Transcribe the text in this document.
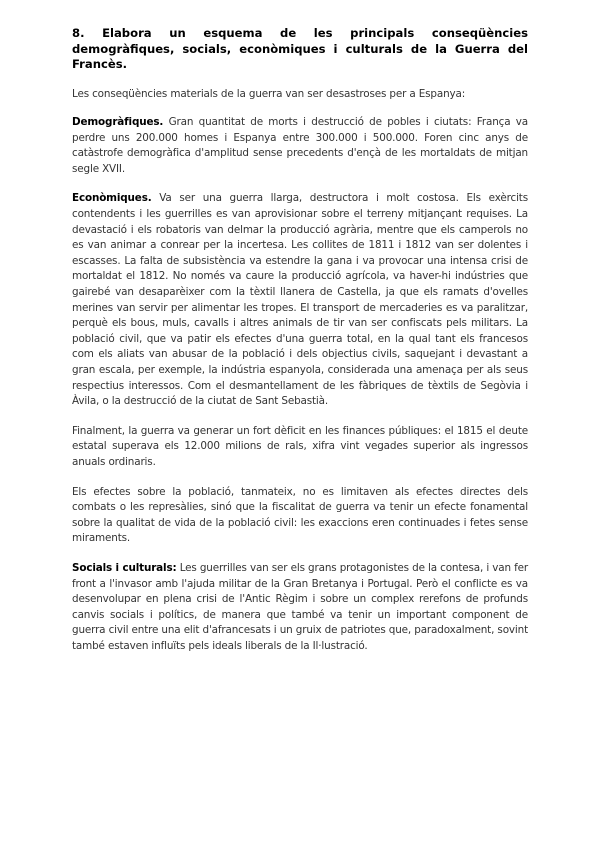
8. Elabora un esquema de les principals conseqüències demogràfiques, socials, econòmiques i culturals de la Guerra del Francès.

Les conseqüències materials de la guerra van ser desastroses per a Espanya:

Demogràfiques. Gran quantitat de morts i destrucció de pobles i ciutats: França va perdre uns 200.000 homes i Espanya entre 300.000 i 500.000. Foren cinc anys de catàstrofe demogràfica d'amplitud sense precedents d'ençà de les mortaldats de mitjan segle XVII.

Econòmiques. Va ser una guerra llarga, destructora i molt costosa. Els exèrcits contendents i les guerrilles es van aprovisionar sobre el terreny mitjançant requises. La devastació i els robatoris van delmar la producció agrària, mentre que els camperols no es van animar a conrear per la incertesa. Les collites de 1811 i 1812 van ser dolentes i escasses. La falta de subsistència va estendre la gana i va provocar una intensa crisi de mortaldat el 1812. No només va caure la producció agrícola, va haver-hi indústries que gairebé van desaparèixer com la tèxtil llanera de Castella, ja que els ramats d'ovelles merines van servir per alimentar les tropes. El transport de mercaderies es va paralitzar, perquè els bous, muls, cavalls i altres animals de tir van ser confiscats pels militars. La població civil, que va patir els efectes d'una guerra total, en la qual tant els francesos com els aliats van abusar de la població i dels objectius civils, saquejant i devastant a gran escala, per exemple, la indústria espanyola, considerada una amenaça per als seus respectius interessos. Com el desmantellament de les fàbriques de tèxtils de Segòvia i Àvila, o la destrucció de la ciutat de Sant Sebastià.

Finalment, la guerra va generar un fort dèficit en les finances públiques: el 1815 el deute estatal superava els 12.000 milions de rals, xifra vint vegades superior als ingressos anuals ordinaris.

Els efectes sobre la població, tanmateix, no es limitaven als efectes directes dels combats o les represàlies, sinó que la fiscalitat de guerra va tenir un efecte fonamental sobre la qualitat de vida de la població civil: les exaccions eren continuades i fetes sense miraments.

Socials i culturals: Les guerrilles van ser els grans protagonistes de la contesa, i van fer front a l'invasor amb l'ajuda militar de la Gran Bretanya i Portugal. Però el conflicte es va desenvolupar en plena crisi de l'Antic Règim i sobre un complex rerefons de profunds canvis socials i polítics, de manera que també va tenir un important component de guerra civil entre una elit d'afrancesats i un gruix de patriotes que, paradoxalment, sovint també estaven influïts pels ideals liberals de la Il·lustració.
